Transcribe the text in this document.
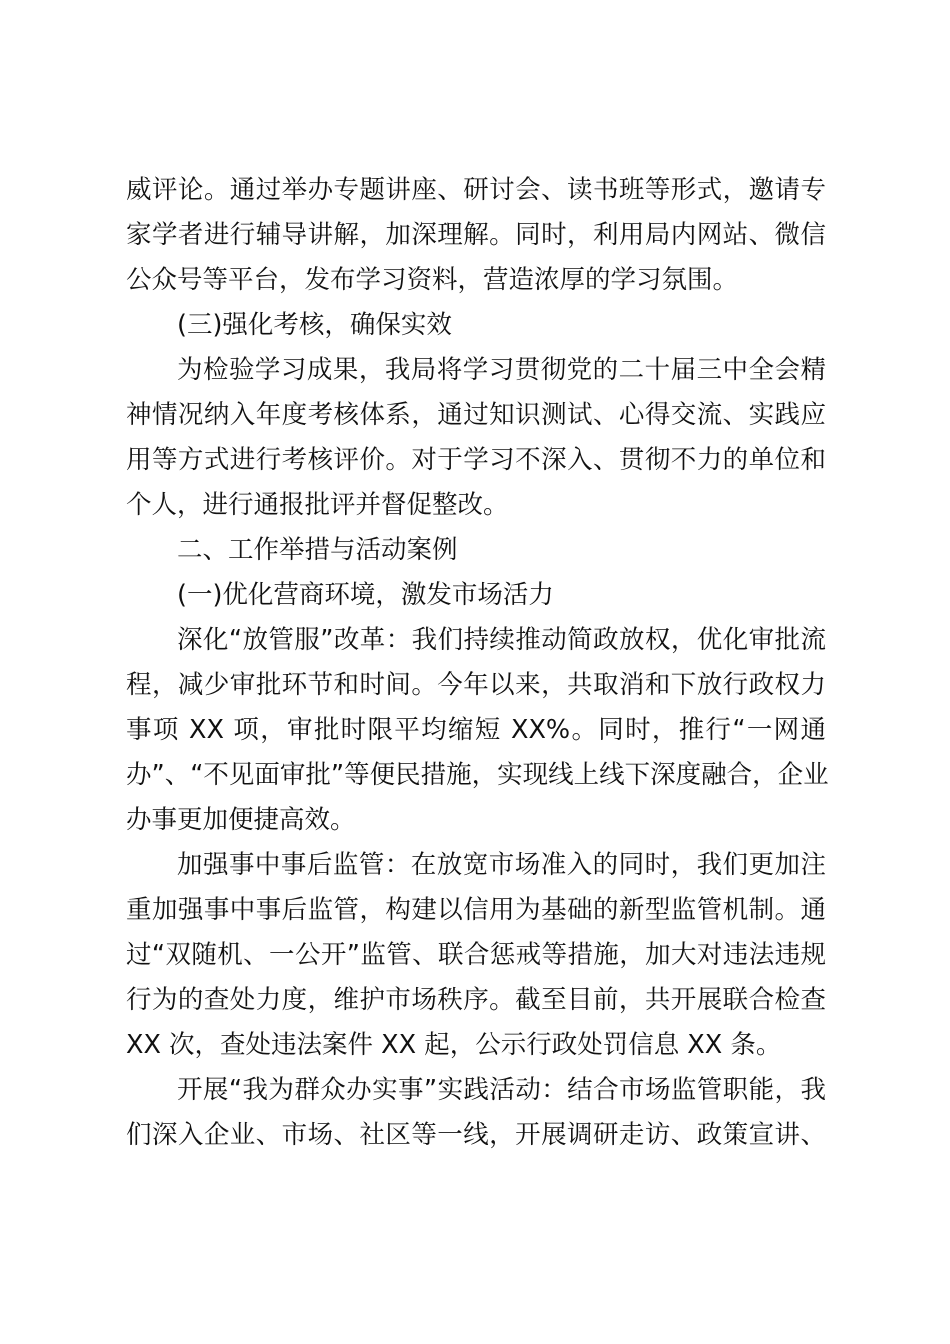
威评论。通过举办专题讲座、研讨会、读书班等形式，邀请专
家学者进行辅导讲解，加深理解。同时，利用局内网站、微信
公众号等平台，发布学习资料，营造浓厚的学习氛围。
(三)强化考核，确保实效
为检验学习成果，我局将学习贯彻党的二十届三中全会精
神情况纳入年度考核体系，通过知识测试、心得交流、实践应
用等方式进行考核评价。对于学习不深入、贯彻不力的单位和
个人，进行通报批评并督促整改。
二、工作举措与活动案例
(一)优化营商环境，激发市场活力
深化“放管服”改革：我们持续推动简政放权，优化审批流
程，减少审批环节和时间。今年以来，共取消和下放行政权力
事项 XX 项，审批时限平均缩短 XX%。同时，推行“一网通
办”、“不见面审批”等便民措施，实现线上线下深度融合，企业
办事更加便捷高效。
加强事中事后监管：在放宽市场准入的同时，我们更加注
重加强事中事后监管，构建以信用为基础的新型监管机制。通
过“双随机、一公开”监管、联合惩戒等措施，加大对违法违规
行为的查处力度，维护市场秩序。截至目前，共开展联合检查
XX 次，查处违法案件 XX 起，公示行政处罚信息 XX 条。
开展“我为群众办实事”实践活动：结合市场监管职能，我
们深入企业、市场、社区等一线，开展调研走访、政策宣讲、
